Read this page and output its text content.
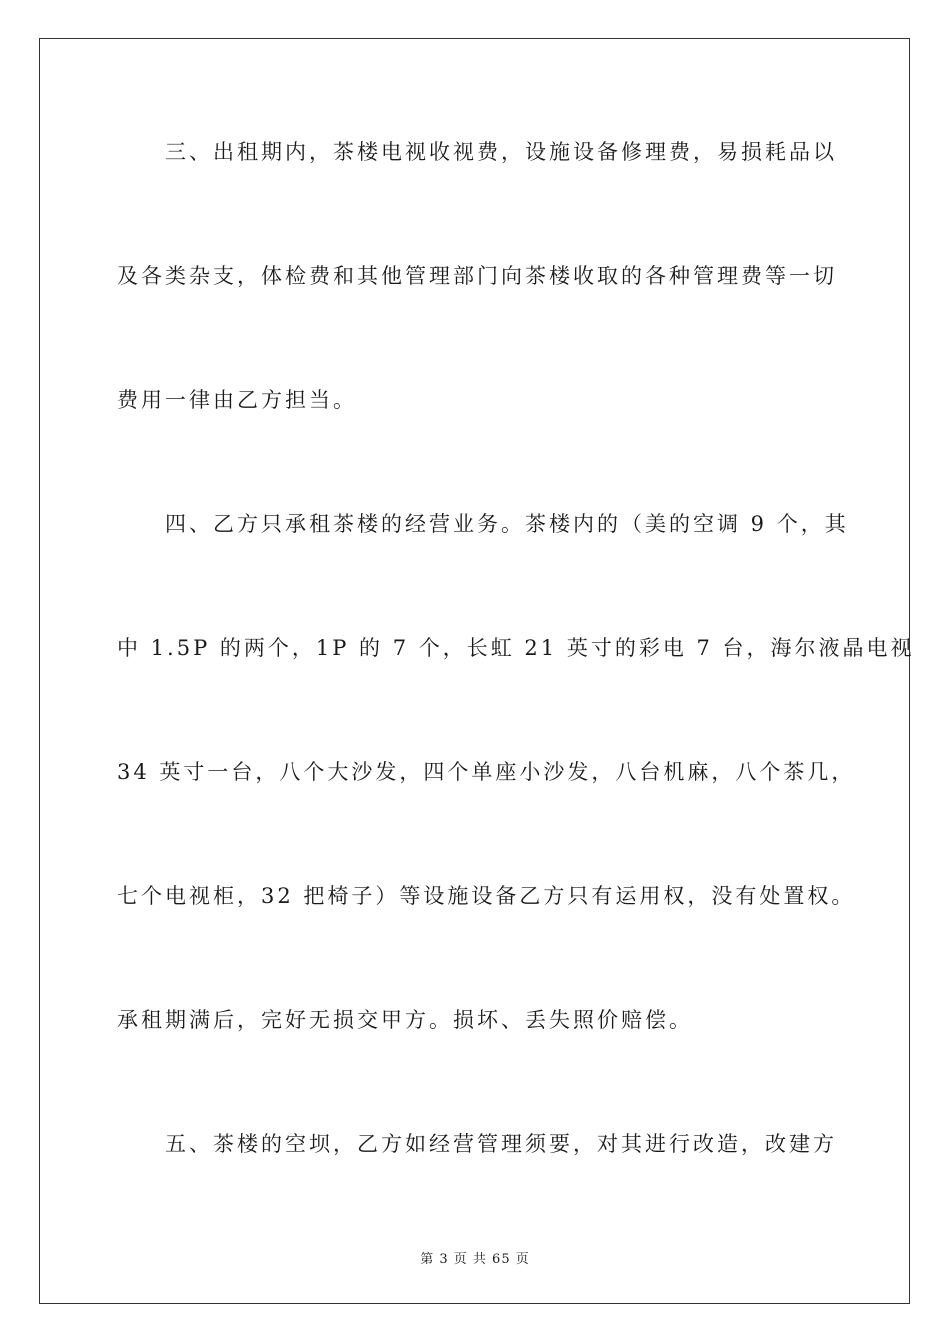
三、出租期内，茶楼电视收视费，设施设备修理费，易损耗品以
及各类杂支，体检费和其他管理部门向茶楼收取的各种管理费等一切
费用一律由乙方担当。
四、乙方只承租茶楼的经营业务。茶楼内的（美的空调 9 个，其
中 1.5P 的两个，1P 的 7 个，长虹 21 英寸的彩电 7 台，海尔液晶电视
34 英寸一台，八个大沙发，四个单座小沙发，八台机麻，八个茶几，
七个电视柜，32 把椅子）等设施设备乙方只有运用权，没有处置权。
承租期满后，完好无损交甲方。损坏、丢失照价赔偿。
五、茶楼的空坝，乙方如经营管理须要，对其进行改造，改建方
第 3 页 共 65 页
